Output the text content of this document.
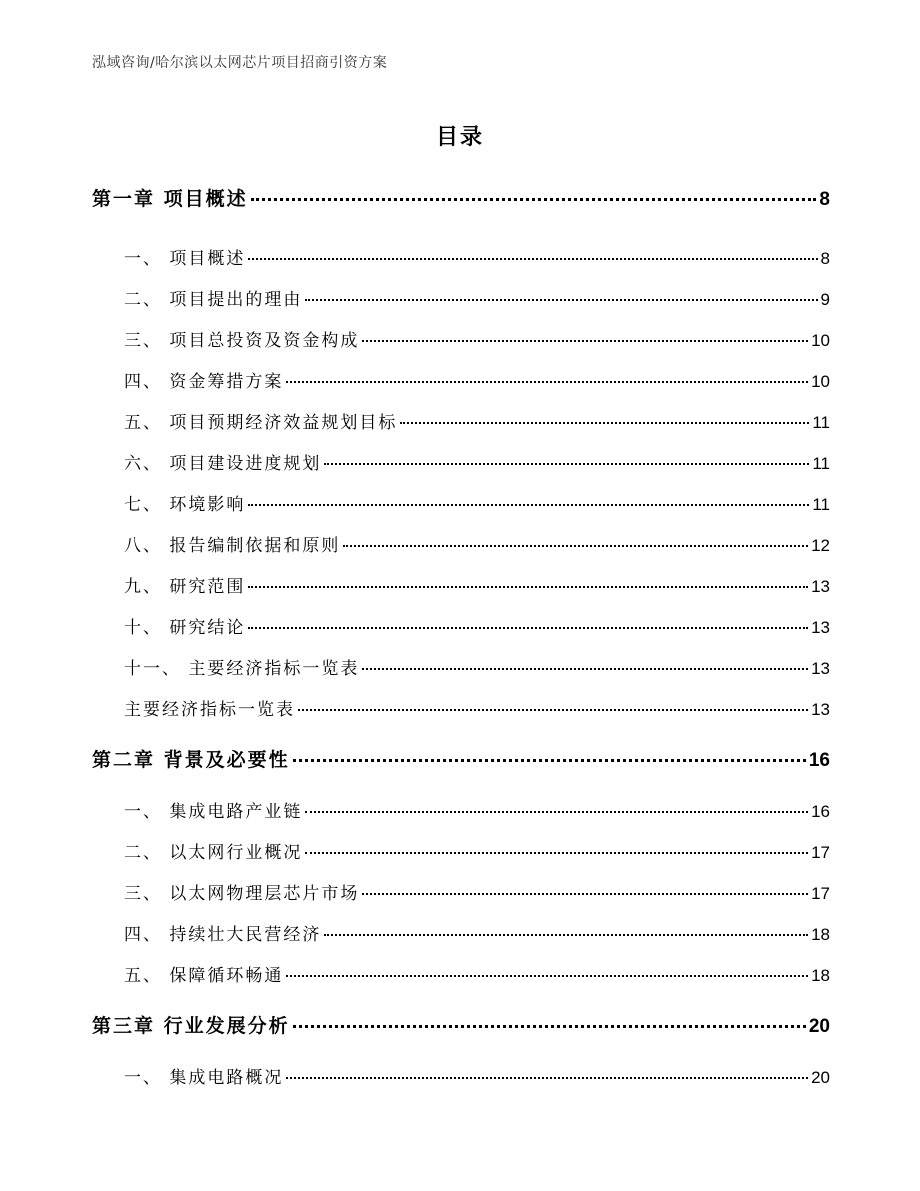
泓域咨询/哈尔滨以太网芯片项目招商引资方案
目录
第一章 项目概述	8
一、 项目概述	8
二、 项目提出的理由	9
三、 项目总投资及资金构成	10
四、 资金筹措方案	10
五、 项目预期经济效益规划目标	11
六、 项目建设进度规划	11
七、 环境影响	11
八、 报告编制依据和原则	12
九、 研究范围	13
十、 研究结论	13
十一、 主要经济指标一览表	13
主要经济指标一览表	13
第二章 背景及必要性	16
一、 集成电路产业链	16
二、 以太网行业概况	17
三、 以太网物理层芯片市场	17
四、 持续壮大民营经济	18
五、 保障循环畅通	18
第三章 行业发展分析	20
一、 集成电路概况	20
